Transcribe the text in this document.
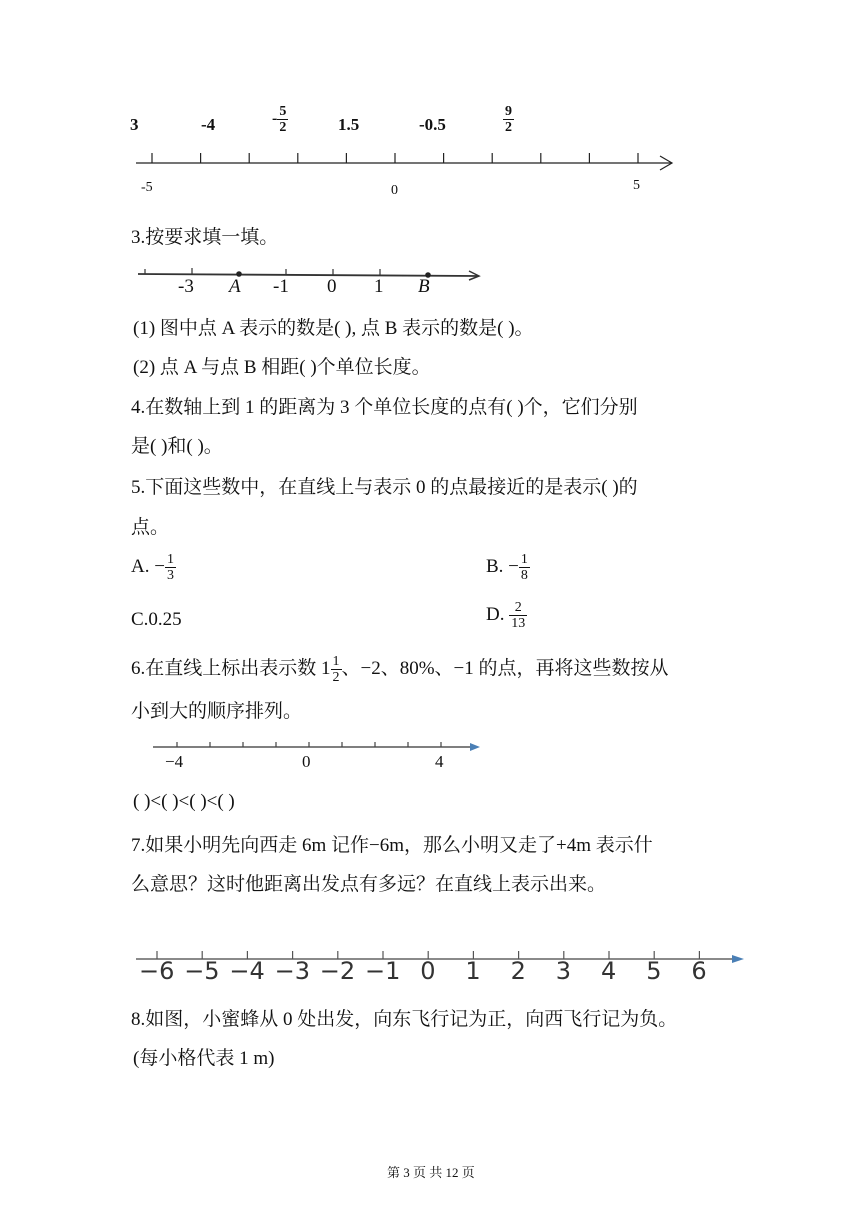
3	-4	- $\frac{5}{2}$	1.5	-0.5	$\frac{9}{2}$
-5	0	5
3.按要求填一填。
-3 A -1 0 1 B
(1) 图中点 A 表示的数是( ), 点 B 表示的数是( )。
(2) 点 A 与点 B 相距( )个单位长度。
4.在数轴上到 1 的距离为 3 个单位长度的点有( )个，它们分别
是( )和( )。
5.下面这些数中，在直线上与表示 0 的点最接近的是表示( )的
点。
A. − $\frac{1}{3}$	B. − $\frac{1}{8}$
C.0.25	D. $\frac{2}{13}$
6.在直线上标出表示数 $1 \frac{1}{2}$ 、−2、80%、−1 的点，再将这些数按从
小到大的顺序排列。
−4	0	4
( )<( )<( )<( )
7.如果小明先向西走 6m 记作−6m，那么小明又走了+4m 表示什
么意思？这时他距离出发点有多远？在直线上表示出来。
−6 −5 −4 −3 −2 −1 0 1 2 3 4 5 6
8.如图，小蜜蜂从 0 处出发，向东飞行记为正，向西飞行记为负。
(每小格代表 1 m)
第 3 页 共 12 页
